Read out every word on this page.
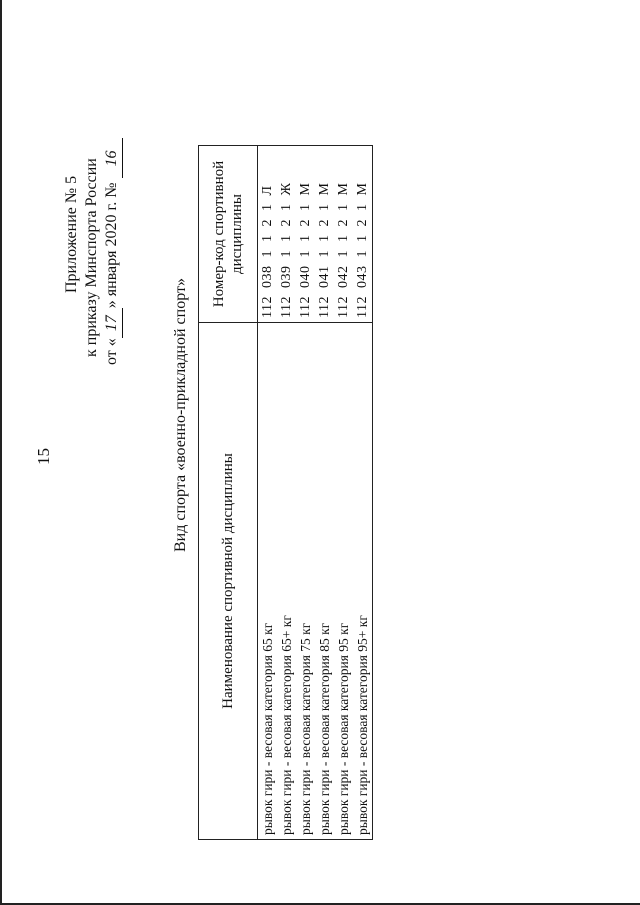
15
Приложение № 5 к приказу Минспорта России от «17» января 2020 г. № 16
Вид спорта «военно-прикладной спорт»
Наименование спортивной дисциплины	Номер-код спортивной дисциплины

рывок гири - весовая категория 65 кг	112  038  1  1  2  1  Л
рывок гири - весовая категория 65+ кг	112  039  1  1  2  1  Ж
рывок гири - весовая категория 75 кг	112  040  1  1  2  1  М
рывок гири - весовая категория 85 кг	112  041  1  1  2  1  М
рывок гири - весовая категория 95 кг	112  042  1  1  2  1  М
рывок гири - весовая категория 95+ кг	112  043  1  1  2  1  М
